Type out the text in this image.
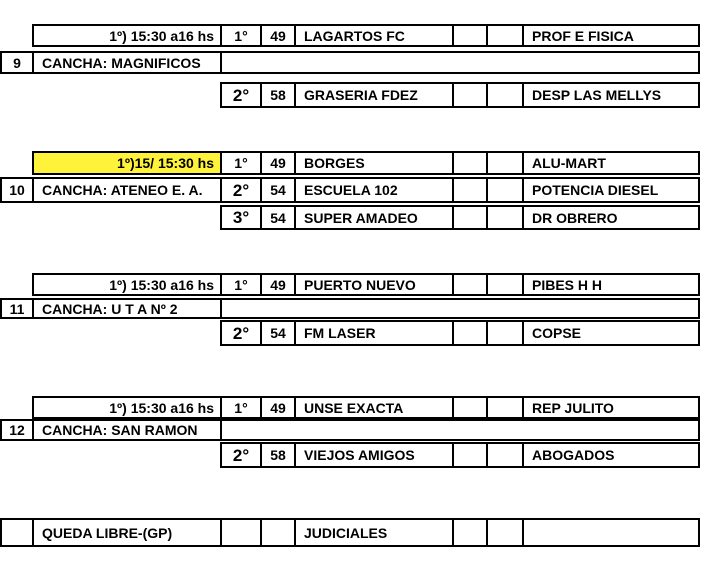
1º) 15:30 a16 hs	1°	49	LAGARTOS FC	PROF E FISICA
9	CANCHA: MAGNIFICOS
2°	58	GRASERIA FDEZ	DESP LAS MELLYS
1º)15/ 15:30 hs	1°	49	BORGES	ALU-MART
10	CANCHA: ATENEO E. A.	2°	54	ESCUELA 102	POTENCIA DIESEL
3°	54	SUPER AMADEO	DR OBRERO
1º) 15:30 a16 hs	1°	49	PUERTO NUEVO	PIBES H H
11	CANCHA: U T A Nº 2
2°	54	FM LASER	COPSE
1º) 15:30 a16 hs	1°	49	UNSE EXACTA	REP JULITO
12	CANCHA: SAN RAMON
2°	58	VIEJOS AMIGOS	ABOGADOS
QUEDA LIBRE-(GP)	JUDICIALES
